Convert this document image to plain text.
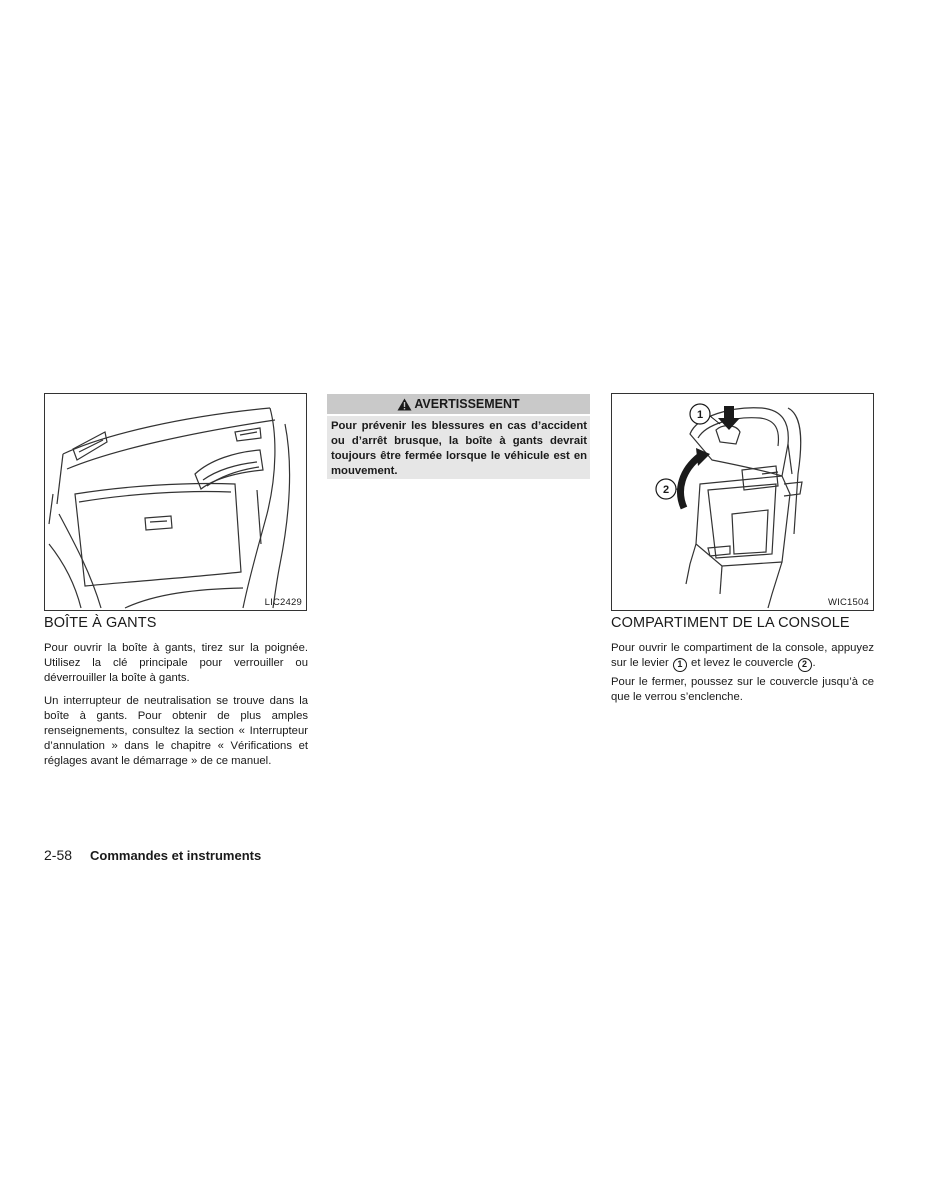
LIC2429
BOÎTE À GANTS

Pour ouvrir la boîte à gants, tirez sur la poignée. Utilisez la clé principale pour verrouiller ou déverrouiller la boîte à gants.

Un interrupteur de neutralisation se trouve dans la boîte à gants. Pour obtenir de plus amples renseignements, consultez la section « Interrupteur d’annulation » dans le chapitre « Vérifications et réglages avant le démarrage » de ce manuel.

AVERTISSEMENT
Pour prévenir les blessures en cas d’accident ou d’arrêt brusque, la boîte à gants devrait toujours être fermée lorsque le véhicule est en mouvement.
1
2
WIC1504
COMPARTIMENT DE LA CONSOLE

Pour ouvrir le compartiment de la console, appuyez sur le levier 1 et levez le couvercle 2 .

Pour le fermer, poussez sur le couvercle jusqu’à ce que le verrou s’enclenche.

2-58 Commandes et instruments
